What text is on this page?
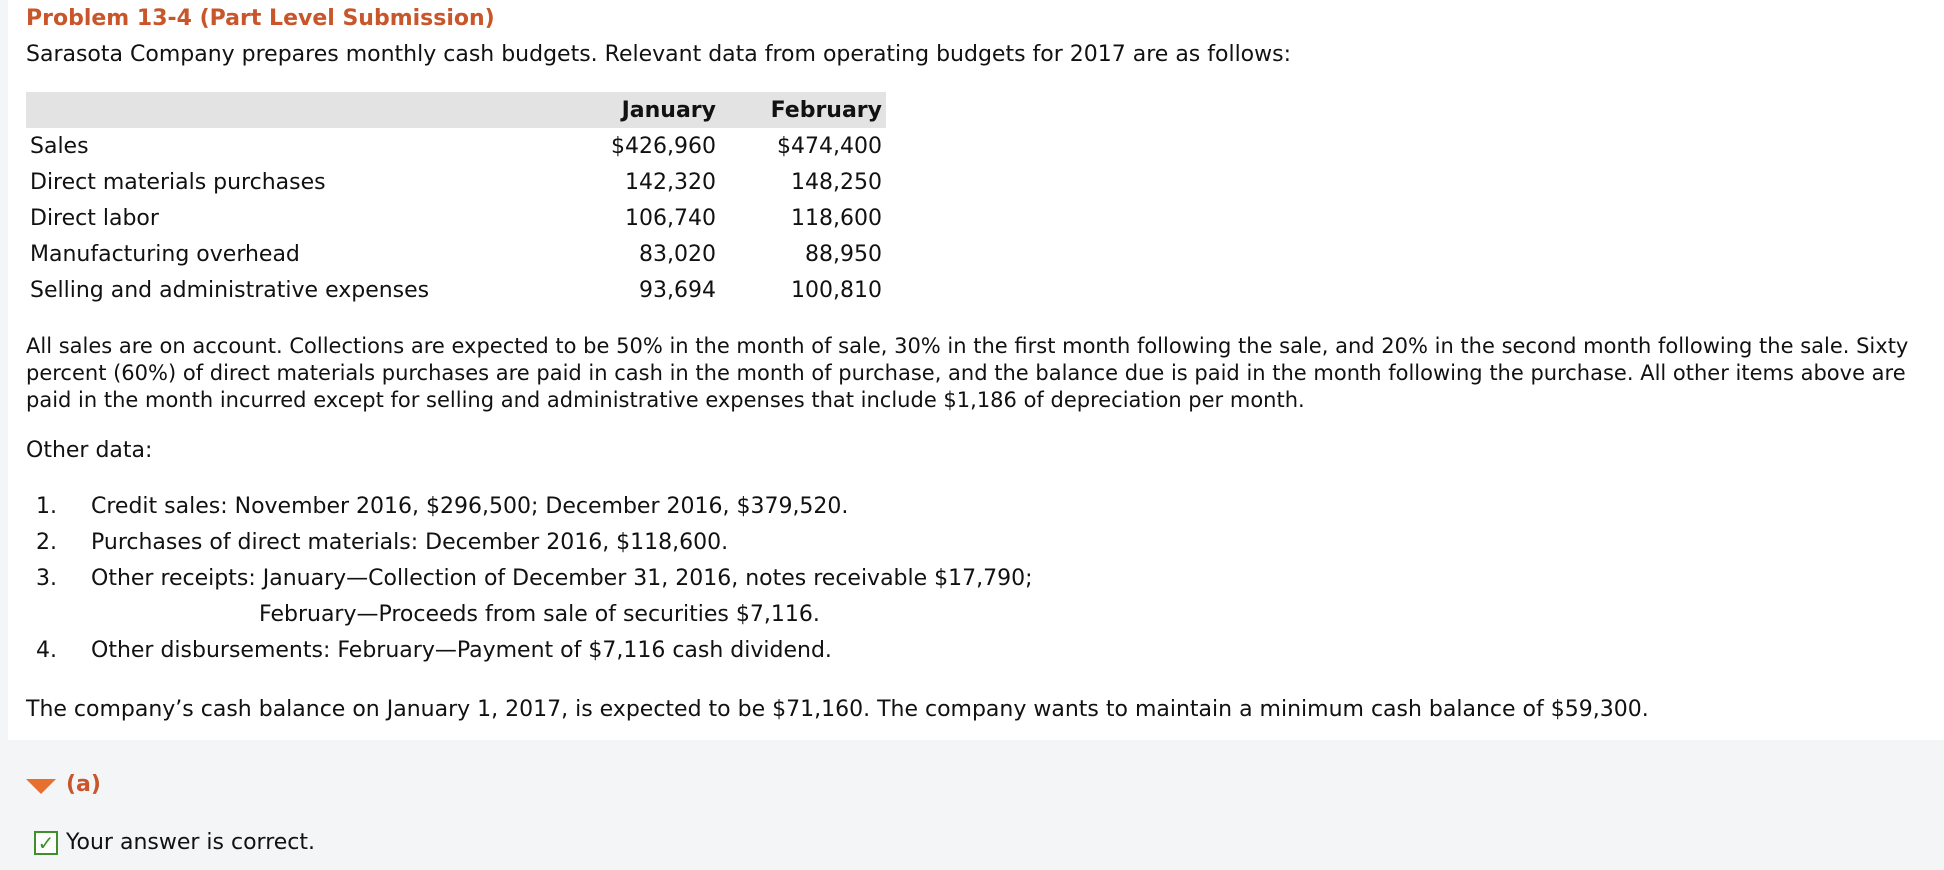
Problem 13-4 (Part Level Submission)
Sarasota Company prepares monthly cash budgets. Relevant data from operating budgets for 2017 are as follows:
	January	February
Sales	$426,960	$474,400
Direct materials purchases	142,320	148,250
Direct labor	106,740	118,600
Manufacturing overhead	83,020	88,950
Selling and administrative expenses	93,694	100,810
All sales are on account. Collections are expected to be 50% in the month of sale, 30% in the first month following the sale, and 20% in the second month following the sale. Sixty percent (60%) of direct materials purchases are paid in cash in the month of purchase, and the balance due is paid in the month following the purchase. All other items above are paid in the month incurred except for selling and administrative expenses that include $1,186 of depreciation per month.
Other data:
1. Credit sales: November 2016, $296,500; December 2016, $379,520.
2. Purchases of direct materials: December 2016, $118,600.
3. Other receipts: January—Collection of December 31, 2016, notes receivable $17,790;
February—Proceeds from sale of securities $7,116.
4. Other disbursements: February—Payment of $7,116 cash dividend.
The company’s cash balance on January 1, 2017, is expected to be $71,160. The company wants to maintain a minimum cash balance of $59,300.
(a)
✓ Your answer is correct.
